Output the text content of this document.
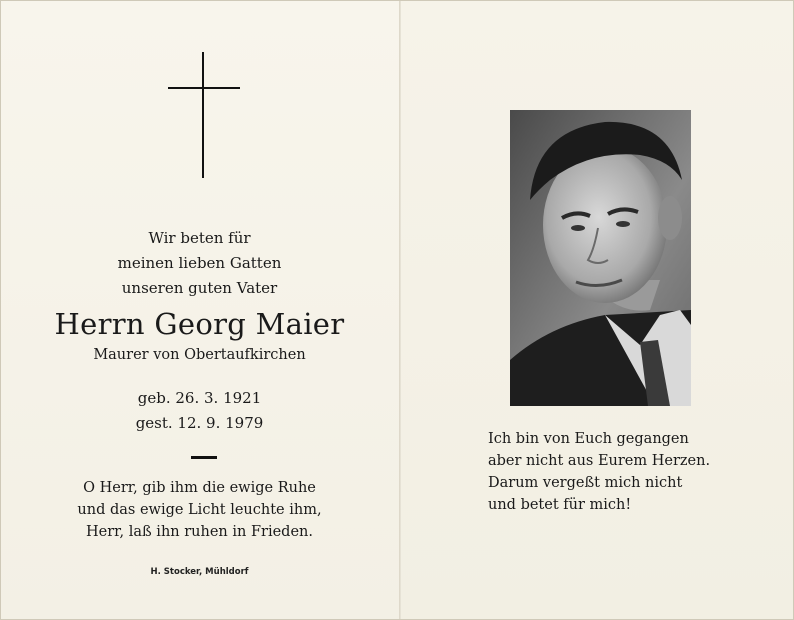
Wir beten für
meinen lieben Gatten
unseren guten Vater
Herrn Georg Maier
Maurer von Obertaufkirchen
geb. 26. 3. 1921
gest. 12. 9. 1979
O Herr, gib ihm die ewige Ruhe
und das ewige Licht leuchte ihm,
Herr, laß ihn ruhen in Frieden.
H. Stocker, Mühldorf
Ich bin von Euch gegangen
aber nicht aus Eurem Herzen.
Darum vergeßt mich nicht
und betet für mich!
